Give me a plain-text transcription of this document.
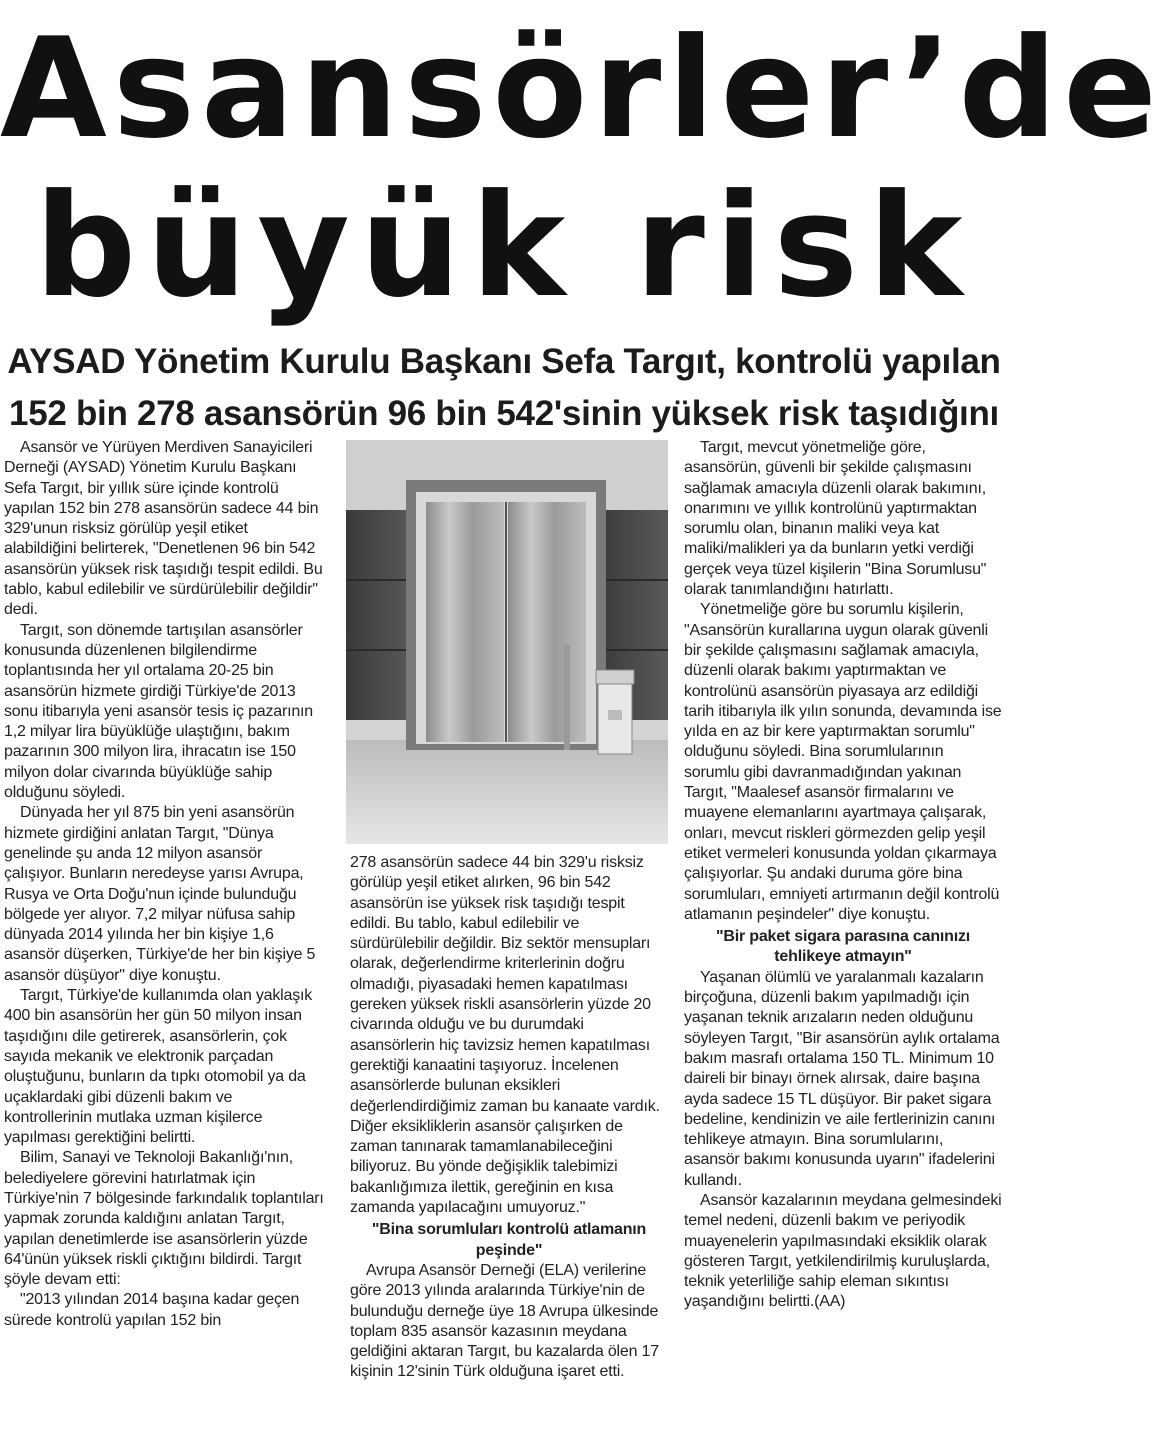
Asansörler’de
büyük risk
AYSAD Yönetim Kurulu Başkanı Sefa Targıt, kontrolü yapılan 152 bin 278 asansörün 96 bin 542'sinin yüksek risk taşıdığını

Asansör ve Yürüyen Merdiven Sanayicileri Derneği (AYSAD) Yönetim Kurulu Başkanı Sefa Targıt, bir yıllık süre içinde kontrolü yapılan 152 bin 278 asansörün sadece 44 bin 329'unun risksiz görülüp yeşil etiket alabildiğini belirterek, "Denetlenen 96 bin 542 asansörün yüksek risk taşıdığı tespit edildi. Bu tablo, kabul edilebilir ve sürdürülebilir değildir" dedi.

Targıt, son dönemde tartışılan asansörler konusunda düzenlenen bilgilendirme toplantısında her yıl ortalama 20-25 bin asansörün hizmete girdiği Türkiye'de 2013 sonu itibarıyla yeni asansör tesis iç pazarının 1,2 milyar lira büyüklüğe ulaştığını, bakım pazarının 300 milyon lira, ihracatın ise 150 milyon dolar civarında büyüklüğe sahip olduğunu söyledi.

Dünyada her yıl 875 bin yeni asansörün hizmete girdiğini anlatan Targıt, "Dünya genelinde şu anda 12 milyon asansör çalışıyor. Bunların neredeyse yarısı Avrupa, Rusya ve Orta Doğu'nun içinde bulunduğu bölgede yer alıyor. 7,2 milyar nüfusa sahip dünyada 2014 yılında her bin kişiye 1,6 asansör düşerken, Türkiye'de her bin kişiye 5 asansör düşüyor" diye konuştu.

Targıt, Türkiye'de kullanımda olan yaklaşık 400 bin asansörün her gün 50 milyon insan taşıdığını dile getirerek, asansörlerin, çok sayıda mekanik ve elektronik parçadan oluştuğunu, bunların da tıpkı otomobil ya da uçaklardaki gibi düzenli bakım ve kontrollerinin mutlaka uzman kişilerce yapılması gerektiğini belirtti.

Bilim, Sanayi ve Teknoloji Bakanlığı'nın, belediyelere görevini hatırlatmak için Türkiye'nin 7 bölgesinde farkındalık toplantıları yapmak zorunda kaldığını anlatan Targıt, yapılan denetimlerde ise asansörlerin yüzde 64'ünün yüksek riskli çıktığını bildirdi. Targıt şöyle devam etti:

"2013 yılından 2014 başına kadar geçen sürede kontrolü yapılan 152 bin

278 asansörün sadece 44 bin 329'u risksiz görülüp yeşil etiket alırken, 96 bin 542 asansörün ise yüksek risk taşıdığı tespit edildi. Bu tablo, kabul edilebilir ve sürdürülebilir değildir. Biz sektör mensupları olarak, değerlendirme kriterlerinin doğru olmadığı, piyasadaki hemen kapatılması gereken yüksek riskli asansörlerin yüzde 20 civarında olduğu ve bu durumdaki asansörlerin hiç tavizsiz hemen kapatılması gerektiği kanaatini taşıyoruz. İncelenen asansörlerde bulunan eksikleri değerlendirdiğimiz zaman bu kanaate vardık. Diğer eksikliklerin asansör çalışırken de zaman tanınarak tamamlanabileceğini biliyoruz. Bu yönde değişiklik talebimizi bakanlığımıza ilettik, gereğinin en kısa zamanda yapılacağını umuyoruz."

"Bina sorumluları kontrolü atlamanın peşinde"

Avrupa Asansör Derneği (ELA) verilerine göre 2013 yılında aralarında Türkiye'nin de bulunduğu derneğe üye 18 Avrupa ülkesinde toplam 835 asansör kazasının meydana geldiğini aktaran Targıt, bu kazalarda ölen 17 kişinin 12'sinin Türk olduğuna işaret etti.

Targıt, mevcut yönetmeliğe göre, asansörün, güvenli bir şekilde çalışmasını sağlamak amacıyla düzenli olarak bakımını, onarımını ve yıllık kontrolünü yaptırmaktan sorumlu olan, binanın maliki veya kat maliki/malikleri ya da bunların yetki verdiği gerçek veya tüzel kişilerin "Bina Sorumlusu" olarak tanımlandığını hatırlattı.

Yönetmeliğe göre bu sorumlu kişilerin, "Asansörün kurallarına uygun olarak güvenli bir şekilde çalışmasını sağlamak amacıyla, düzenli olarak bakımı yaptırmaktan ve kontrolünü asansörün piyasaya arz edildiği tarih itibarıyla ilk yılın sonunda, devamında ise yılda en az bir kere yaptırmaktan sorumlu" olduğunu söyledi. Bina sorumlularının sorumlu gibi davranmadığından yakınan Targıt, "Maalesef asansör firmalarını ve muayene elemanlarını ayartmaya çalışarak, onları, mevcut riskleri görmezden gelip yeşil etiket vermeleri konusunda yoldan çıkarmaya çalışıyorlar. Şu andaki duruma göre bina sorumluları, emniyeti artırmanın değil kontrolü atlamanın peşindeler" diye konuştu.

"Bir paket sigara parasına canınızı tehlikeye atmayın"

Yaşanan ölümlü ve yaralanmalı kazaların birçoğuna, düzenli bakım yapılmadığı için yaşanan teknik arızaların neden olduğunu söyleyen Targıt, "Bir asansörün aylık ortalama bakım masrafı ortalama 150 TL. Minimum 10 daireli bir binayı örnek alırsak, daire başına ayda sadece 15 TL düşüyor. Bir paket sigara bedeline, kendinizin ve aile fertlerinizin canını tehlikeye atmayın. Bina sorumlularını, asansör bakımı konusunda uyarın" ifadelerini kullandı.

Asansör kazalarının meydana gelmesindeki temel nedeni, düzenli bakım ve periyodik muayenelerin yapılmasındaki eksiklik olarak gösteren Targıt, yetkilendirilmiş kuruluşlarda, teknik yeterliliğe sahip eleman sıkıntısı yaşandığını belirtti.(AA)
